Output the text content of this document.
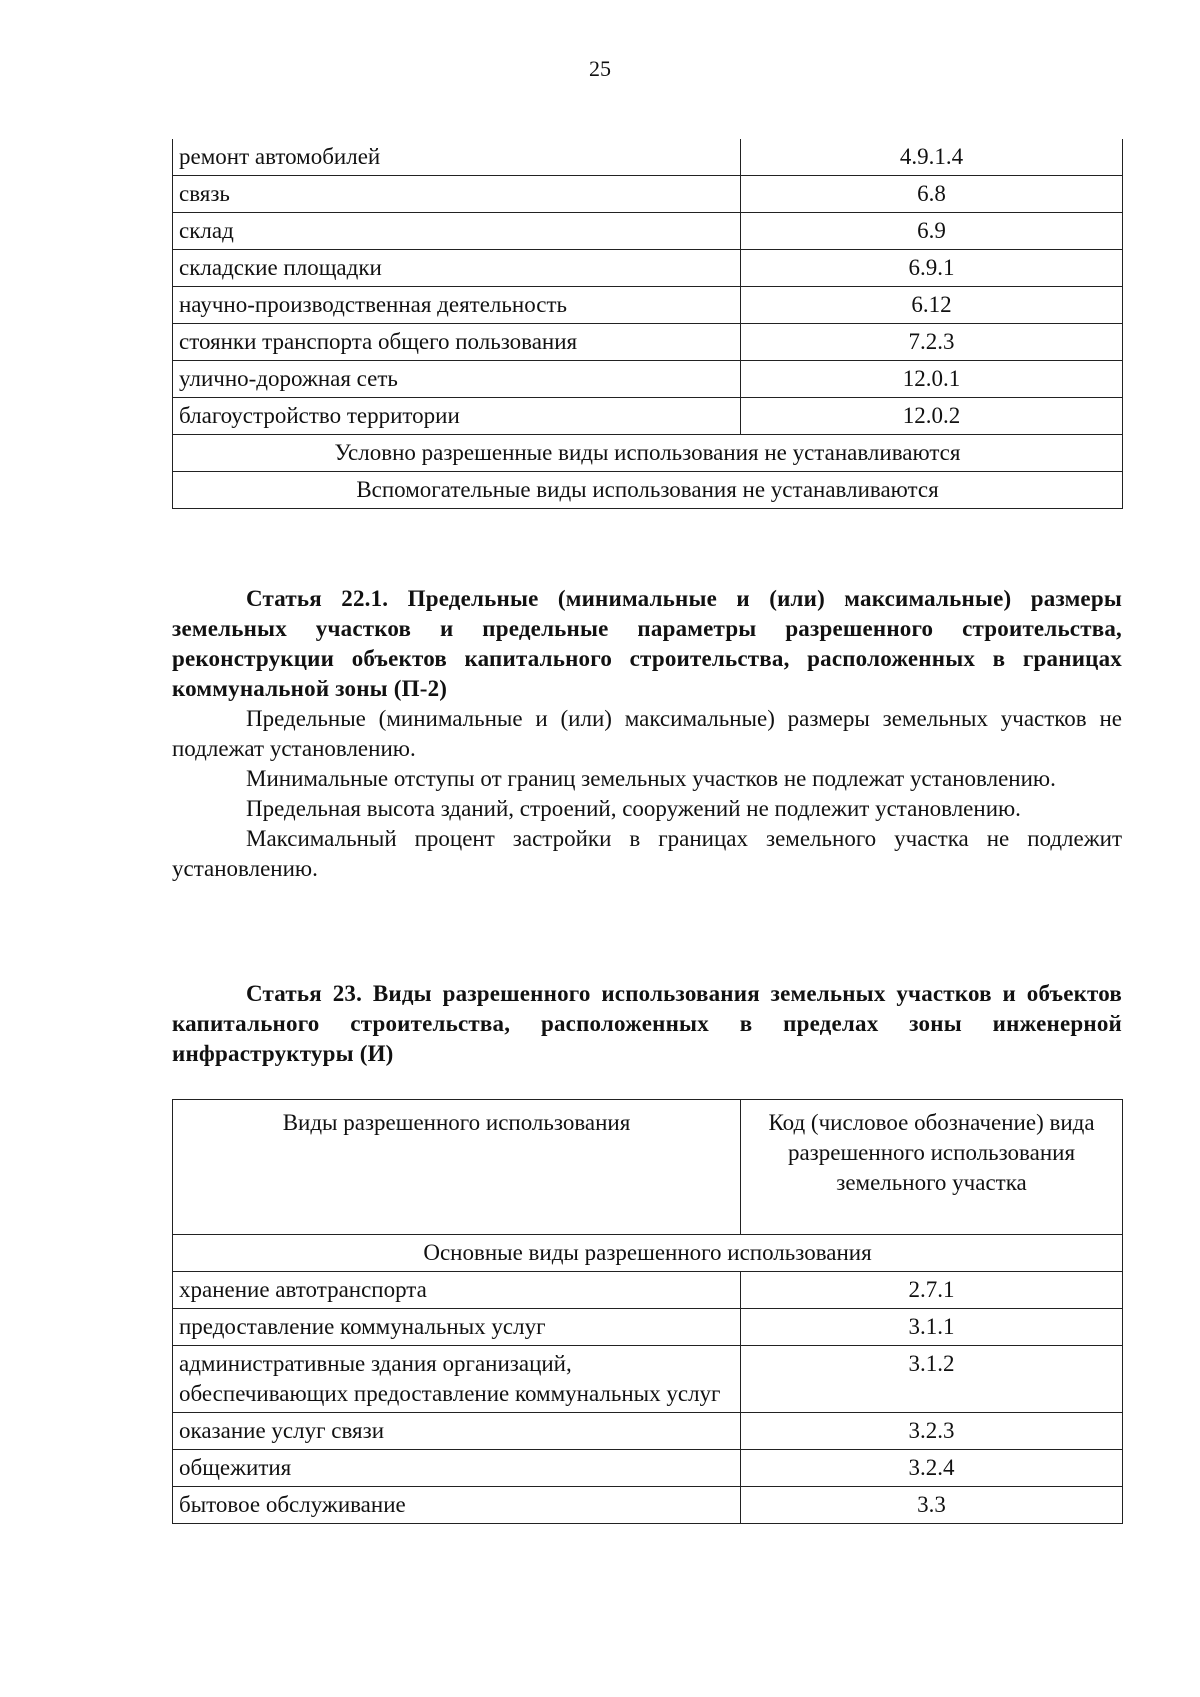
25
ремонт автомобилей	4.9.1.4
связь	6.8
склад	6.9
складские площадки	6.9.1
научно-производственная деятельность	6.12
стоянки транспорта общего пользования	7.2.3
улично-дорожная сеть	12.0.1
благоустройство территории	12.0.2
Условно разрешенные виды использования не устанавливаются	
Вспомогательные виды использования не устанавливаются	
Статья 22.1. Предельные (минимальные и (или) максимальные) размеры земельных участков и предельные параметры разрешенного строительства, реконструкции объектов капитального строительства, расположенных в границах коммунальной зоны (П-2)
Предельные (минимальные и (или) максимальные) размеры земельных участков не подлежат установлению.
Минимальные отступы от границ земельных участков не подлежат установлению.
Предельная высота зданий, строений, сооружений не подлежит установлению.
Максимальный процент застройки в границах земельного участка не подлежит установлению.
Статья 23. Виды разрешенного использования земельных участков и объектов капитального строительства, расположенных в пределах зоны инженерной инфраструктуры (И)
Виды разрешенного использования	Код (числовое обозначение) вида разрешенного использования земельного участка
Основные виды разрешенного использования	
хранение автотранспорта	2.7.1
предоставление коммунальных услуг	3.1.1
административные здания организаций, обеспечивающих предоставление коммунальных услуг	3.1.2
оказание услуг связи	3.2.3
общежития	3.2.4
бытовое обслуживание	3.3
